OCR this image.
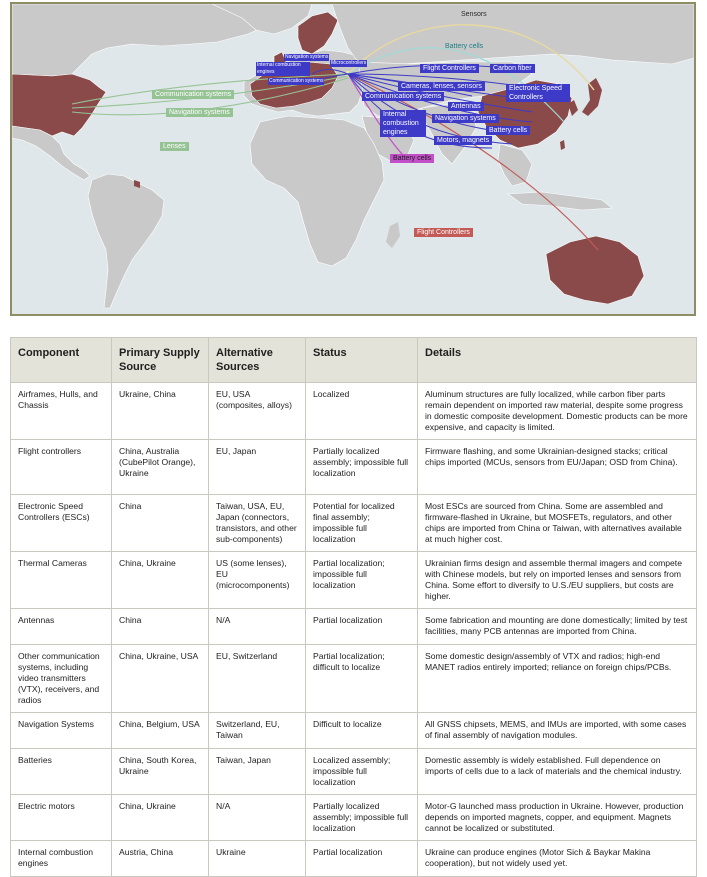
Sensors
Battery cells
Flight Controllers	Carbon fiber
Navigation systems
Microcontrollers
Internal combustion engines
Communication systems
Cameras, lenses, sensors	Electronic Speed Controllers
Communication systems
Antennas
Internal combustion engines
Navigation systems
Battery cells
Motors, magnets
Communication systems
Navigation systems
Lenses
Battery cells
Flight Controllers
Component	Primary Supply Source	Alternative Sources	Status	Details
Airframes, Hulls, and Chassis	Ukraine, China	EU, USA (composites, alloys)	Localized	Aluminum structures are fully localized, while carbon fiber parts remain dependent on imported raw material, despite some progress in domestic composite development. Domestic products can be more expensive, and capacity is limited.
Flight controllers	China, Australia (CubePilot Orange), Ukraine	EU, Japan	Partially localized assembly; impossible full localization	Firmware flashing, and some Ukrainian-designed stacks; critical chips imported (MCUs, sensors from EU/Japan; OSD from China).
Electronic Speed Controllers (ESCs)	China	Taiwan, USA, EU, Japan (connectors, transistors, and other sub-components)	Potential for localized final assembly; impossible full localization	Most ESCs are sourced from China. Some are assembled and firmware-flashed in Ukraine, but MOSFETs, regulators, and other chips are imported from China or Taiwan, with alternatives available at much higher cost.
Thermal Cameras	China, Ukraine	US (some lenses), EU (microcomponents)	Partial localization; impossible full localization	Ukrainian firms design and assemble thermal imagers and compete with Chinese models, but rely on imported lenses and sensors from China. Some effort to diversify to U.S./EU suppliers, but costs are higher.
Antennas	China	N/A	Partial localization	Some fabrication and mounting are done domestically; limited by test facilities, many PCB antennas are imported from China.
Other communication systems, including video transmitters (VTX), receivers, and radios	China, Ukraine, USA	EU, Switzerland	Partial localization; difficult to localize	Some domestic design/assembly of VTX and radios; high-end MANET radios entirely imported; reliance on foreign chips/PCBs.
Navigation Systems	China, Belgium, USA	Switzerland, EU, Taiwan	Difficult to localize	All GNSS chipsets, MEMS, and IMUs are imported, with some cases of final assembly of navigation modules.
Batteries	China, South Korea, Ukraine	Taiwan, Japan	Localized assembly; impossible full localization	Domestic assembly is widely established. Full dependence on imports of cells due to a lack of materials and the chemical industry.
Electric motors	China, Ukraine	N/A	Partially localized assembly; impossible full localization	Motor-G launched mass production in Ukraine. However, production depends on imported magnets, copper, and equipment. Magnets cannot be localized or substituted.
Internal combustion engines	Austria, China	Ukraine	Partial localization	Ukraine can produce engines (Motor Sich & Baykar Makina cooperation), but not widely used yet.
